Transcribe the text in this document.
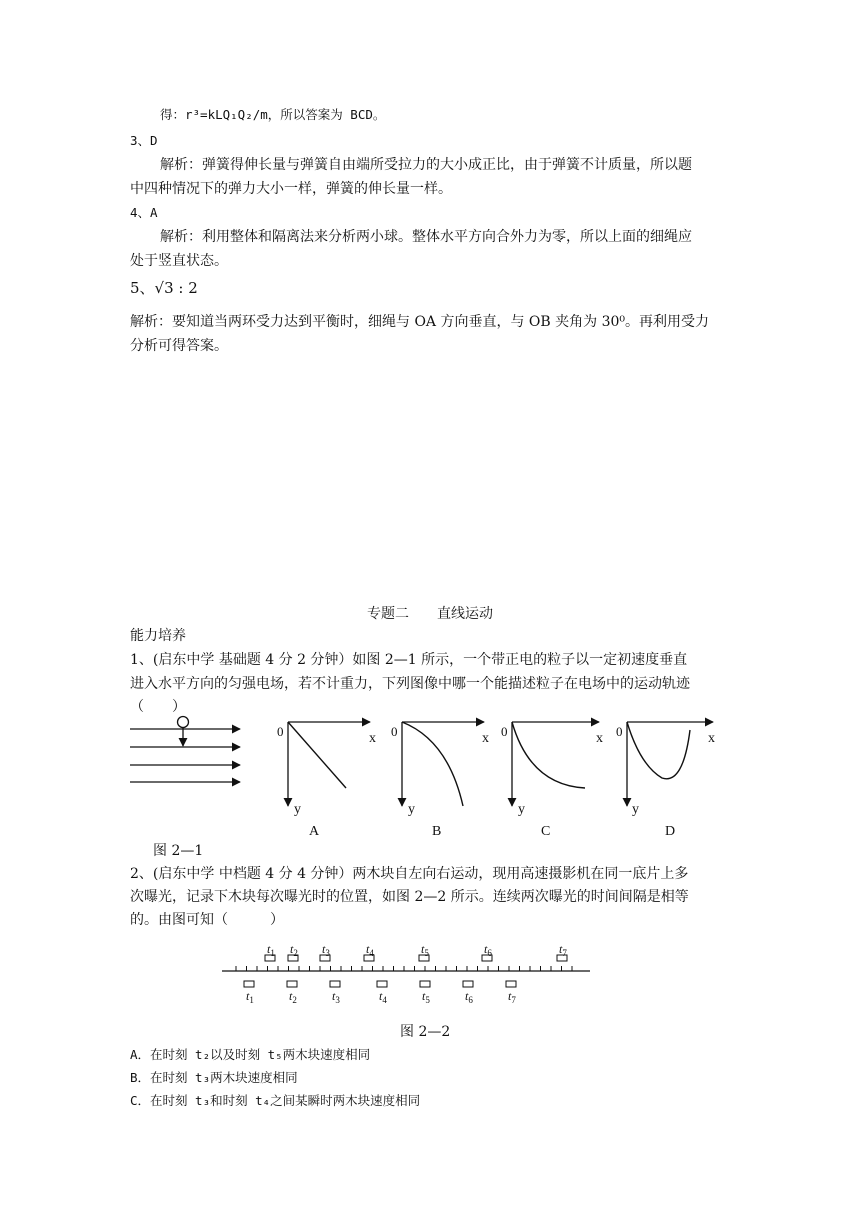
得：r³=kLQ₁Q₂/m，所以答案为 BCD。
3、D
解析：弹簧得伸长量与弹簧自由端所受拉力的大小成正比，由于弹簧不计质量，所以题
中四种情况下的弹力大小一样，弹簧的伸长量一样。
4、A
解析：利用整体和隔离法来分析两小球。整体水平方向合外力为零，所以上面的细绳应
处于竖直状态。
5、√3 : 2
解析：要知道当两环受力达到平衡时，细绳与 OA 方向垂直，与 OB 夹角为 30⁰。再利用受力
分析可得答案。
专题二　　直线运动
能力培养
1、(启东中学 基础题 4 分 2 分钟）如图 2—1 所示，一个带正电的粒子以一定初速度垂直
进入水平方向的匀强电场，若不计重力，下列图像中哪一个能描述粒子在电场中的运动轨迹
（　　）
0	x
y
A
0	x
y
B
0	x
y
C
0	x
y
D
$t_1$ $t_2$ $t_3$	$t_4$	$t_5$	$t_6$	$t_7$
$t_1$	$t_2$	$t_3$	$t_4$	$t_5$	$t_6$	$t_7$
图 2—1
2、(启东中学 中档题 4 分 4 分钟）两木块自左向右运动，现用高速摄影机在同一底片上多
次曝光，记录下木块每次曝光时的位置，如图 2—2 所示。连续两次曝光的时间间隔是相等
的。由图可知（　　　）
图 2—2
A．在时刻 t₂以及时刻 t₅两木块速度相同
B．在时刻 t₃两木块速度相同
C．在时刻 t₃和时刻 t₄之间某瞬时两木块速度相同
